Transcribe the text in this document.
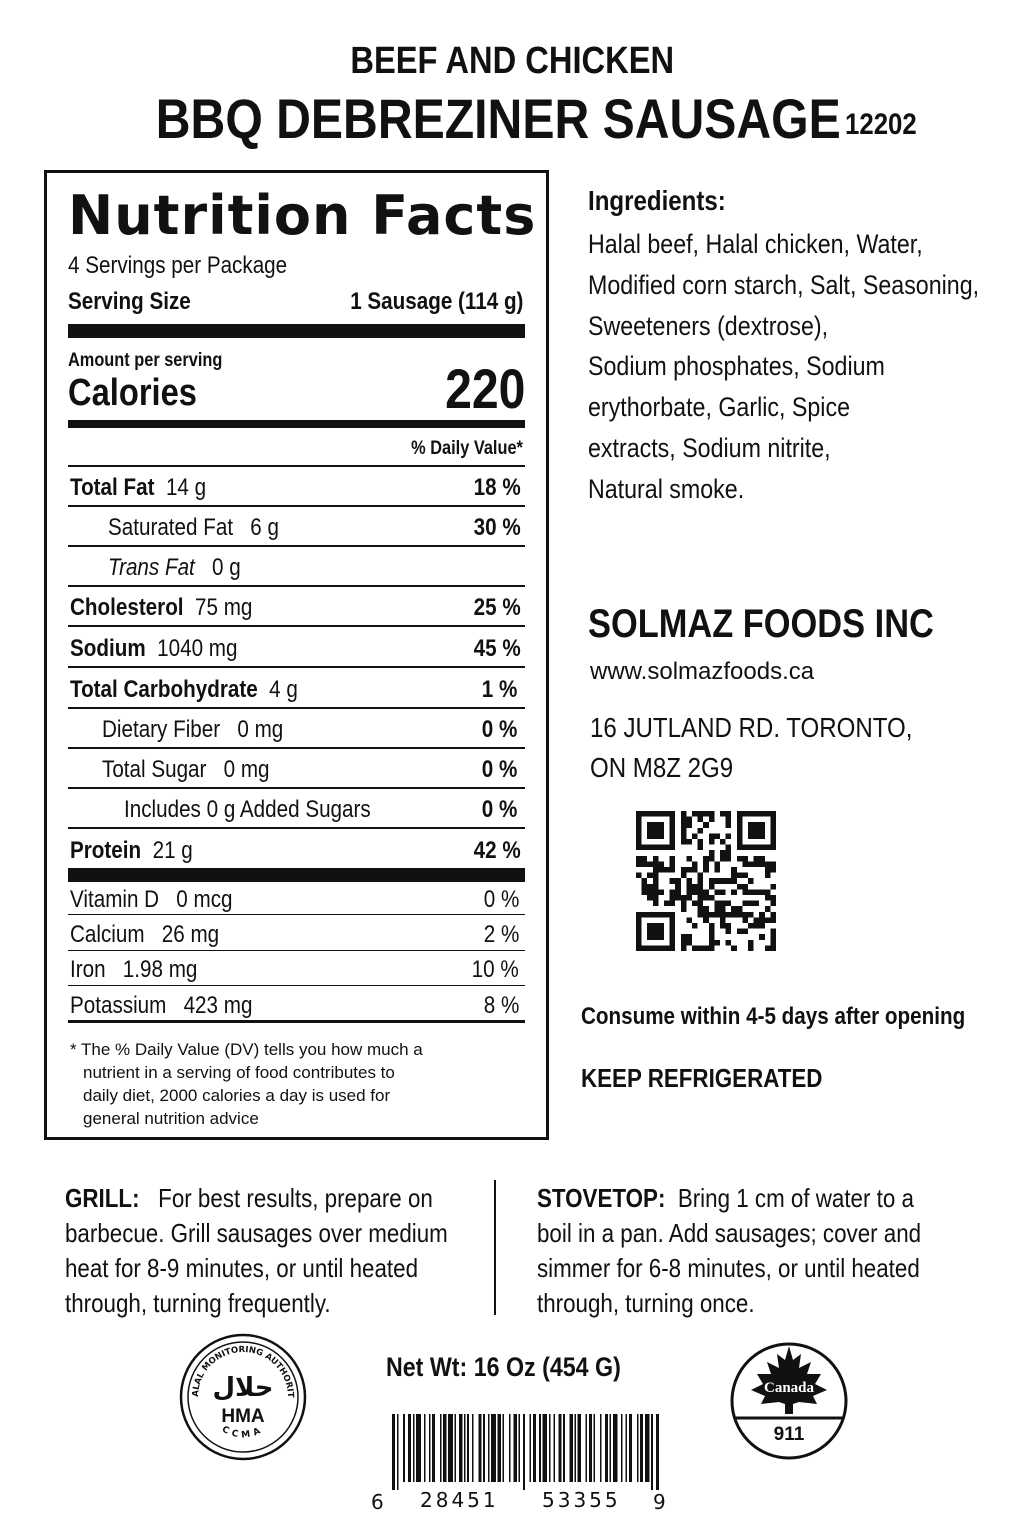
BEEF AND CHICKEN
BBQ DEBREZINER SAUSAGE 12202
Nutrition Facts
4 Servings per Package
Serving Size	1 Sausage (114 g)
Amount per serving
Calories	220
% Daily Value*
Total Fat 14 g	18 %
Saturated Fat 6 g	30 %
Trans Fat 0 g
Cholesterol 75 mg	25 %
Sodium 1040 mg	45 %
Total Carbohydrate 4 g	1 %
Dietary Fiber 0 mg	0 %
Total Sugar 0 mg	0 %
Includes 0 g Added Sugars	0 %
Protein 21 g	42 %
Vitamin D 0 mcg	0 %
Calcium 26 mg	2 %
Iron 1.98 mg	10 %
Potassium 423 mg	8 %
* The % Daily Value (DV) tells you how much a
nutrient in a serving of food contributes to
daily diet, 2000 calories a day is used for
general nutrition advice
Ingredients:
Halal beef, Halal chicken, Water,
Modified corn starch, Salt, Seasoning,
Sweeteners (dextrose),
Sodium phosphates, Sodium
erythorbate, Garlic, Spice
extracts, Sodium nitrite,
Natural smoke.
SOLMAZ FOODS INC
www.solmazfoods.ca
16 JUTLAND RD. TORONTO,
ON M8Z 2G9
Consume within 4-5 days after opening
KEEP REFRIGERATED
GRILL: For best results, prepare on
barbecue. Grill sausages over medium
heat for 8-9 minutes, or until heated
through, turning frequently.
STOVETOP: Bring 1 cm of water to a
boil in a pan. Add sausages; cover and
simmer for 6-8 minutes, or until heated
through, turning once.
Net Wt: 16 Oz (454 G)
6 28451 53355 9
ALAL MONITORING AUTHORIT
حلال
HMA
CCMA
Canada
911
